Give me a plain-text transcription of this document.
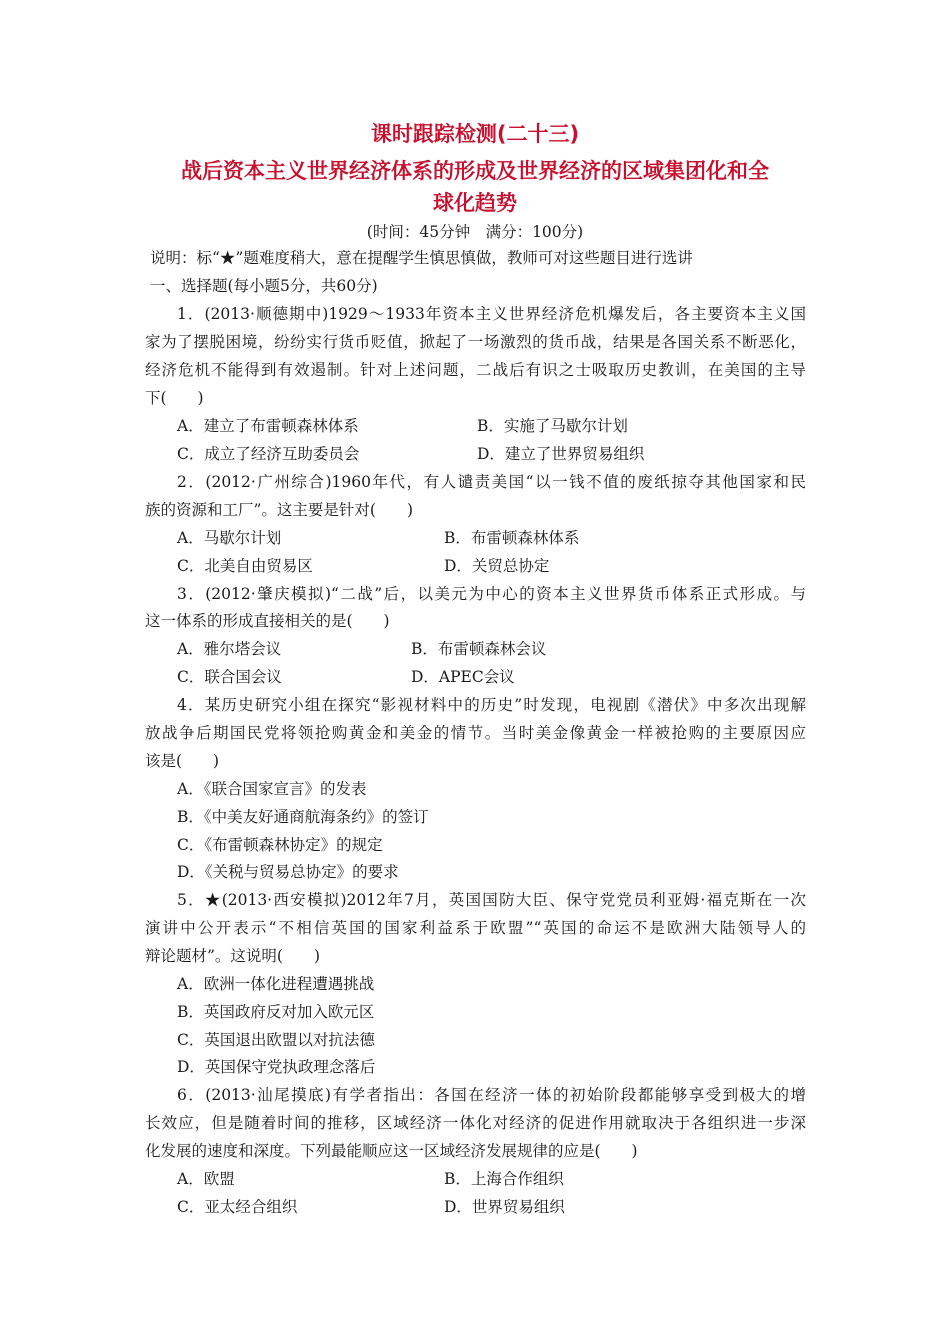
课时跟踪检测(二十三)
战后资本主义世界经济体系的形成及世界经济的区域集团化和全
球化趋势
(时间：45分钟　满分：100分)
说明：标“★”题难度稍大，意在提醒学生慎思慎做，教师可对这些题目进行选讲
一、选择题(每小题5分，共60分)
1．(2013·顺德期中)1929～1933年资本主义世界经济危机爆发后，各主要资本主义国
家为了摆脱困境，纷纷实行货币贬值，掀起了一场激烈的货币战，结果是各国关系不断恶化，
经济危机不能得到有效遏制。针对上述问题，二战后有识之士吸取历史教训，在美国的主导
下(　　)
A．建立了布雷顿森林体系	B．实施了马歇尔计划
C．成立了经济互助委员会	D．建立了世界贸易组织
2．(2012·广州综合)1960年代，有人谴责美国“以一钱不值的废纸掠夺其他国家和民
族的资源和工厂”。这主要是针对(　　)
A．马歇尔计划	B．布雷顿森林体系
C．北美自由贸易区	D．关贸总协定
3．(2012·肇庆模拟)“二战”后，以美元为中心的资本主义世界货币体系正式形成。与
这一体系的形成直接相关的是(　　)
A．雅尔塔会议	B．布雷顿森林会议
C．联合国会议	D．APEC会议
4．某历史研究小组在探究“影视材料中的历史”时发现，电视剧《潜伏》中多次出现解
放战争后期国民党将领抢购黄金和美金的情节。当时美金像黄金一样被抢购的主要原因应
该是(　　)
A．《联合国家宣言》的发表
B．《中美友好通商航海条约》的签订
C．《布雷顿森林协定》的规定
D．《关税与贸易总协定》的要求
5．★(2013·西安模拟)2012年7月，英国国防大臣、保守党党员利亚姆·福克斯在一次
演讲中公开表示“不相信英国的国家利益系于欧盟”“英国的命运不是欧洲大陆领导人的
辩论题材”。这说明(　　)
A．欧洲一体化进程遭遇挑战
B．英国政府反对加入欧元区
C．英国退出欧盟以对抗法德
D．英国保守党执政理念落后
6．(2013·汕尾摸底)有学者指出：各国在经济一体的初始阶段都能够享受到极大的增
长效应，但是随着时间的推移，区域经济一体化对经济的促进作用就取决于各组织进一步深
化发展的速度和深度。下列最能顺应这一区域经济发展规律的应是(　　)
A．欧盟	B．上海合作组织
C．亚太经合组织	D．世界贸易组织
